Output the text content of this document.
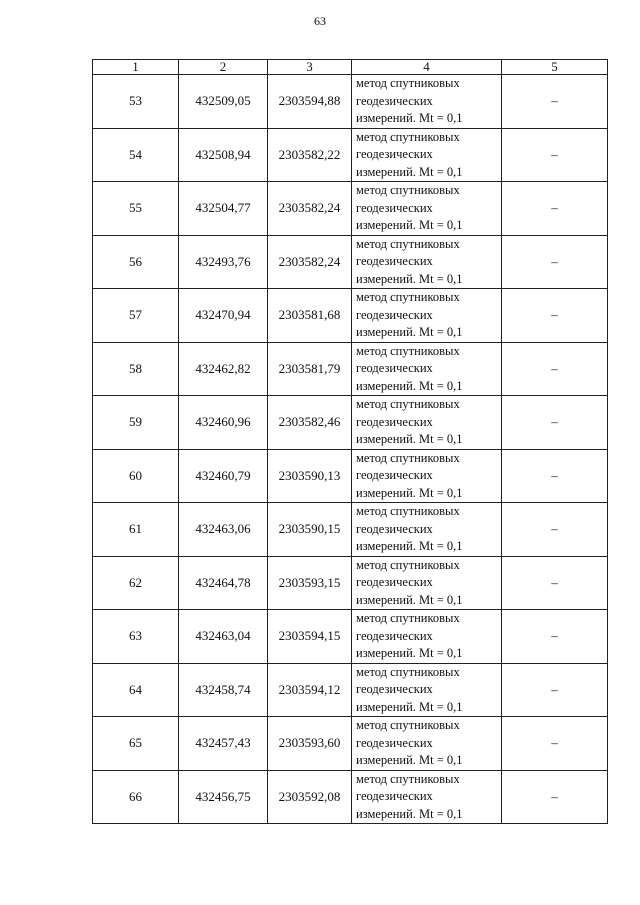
63
1	2	3	4	5
53	432509,05	2303594,88	метод спутниковых
геодезических
измерений. Mt = 0,1	–
54	432508,94	2303582,22	метод спутниковых
геодезических
измерений. Mt = 0,1	–
55	432504,77	2303582,24	метод спутниковых
геодезических
измерений. Mt = 0,1	–
56	432493,76	2303582,24	метод спутниковых
геодезических
измерений. Mt = 0,1	–
57	432470,94	2303581,68	метод спутниковых
геодезических
измерений. Mt = 0,1	–
58	432462,82	2303581,79	метод спутниковых
геодезических
измерений. Mt = 0,1	–
59	432460,96	2303582,46	метод спутниковых
геодезических
измерений. Mt = 0,1	–
60	432460,79	2303590,13	метод спутниковых
геодезических
измерений. Mt = 0,1	–
61	432463,06	2303590,15	метод спутниковых
геодезических
измерений. Mt = 0,1	–
62	432464,78	2303593,15	метод спутниковых
геодезических
измерений. Mt = 0,1	–
63	432463,04	2303594,15	метод спутниковых
геодезических
измерений. Mt = 0,1	–
64	432458,74	2303594,12	метод спутниковых
геодезических
измерений. Mt = 0,1	–
65	432457,43	2303593,60	метод спутниковых
геодезических
измерений. Mt = 0,1	–
66	432456,75	2303592,08	метод спутниковых
геодезических
измерений. Mt = 0,1	–
